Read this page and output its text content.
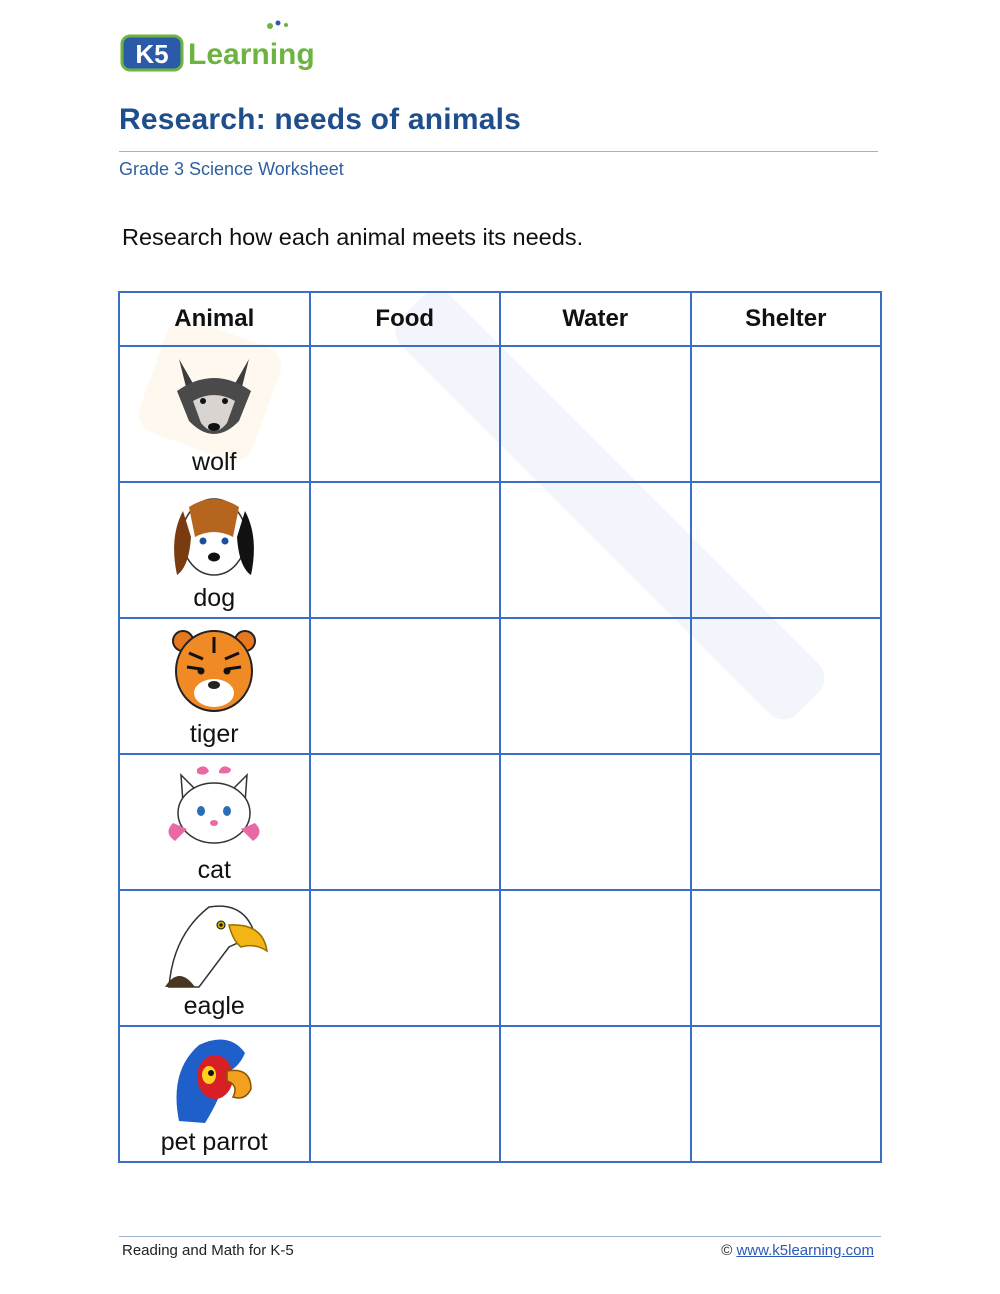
K5 Learning
Research: needs of animals
Grade 3 Science Worksheet
Research how each animal meets its needs.
Animal	Food	Water	Shelter

wolf			

dog			

tiger			

cat			

eagle			

pet parrot			

Reading and Math for K-5	© www.k5learning.com
